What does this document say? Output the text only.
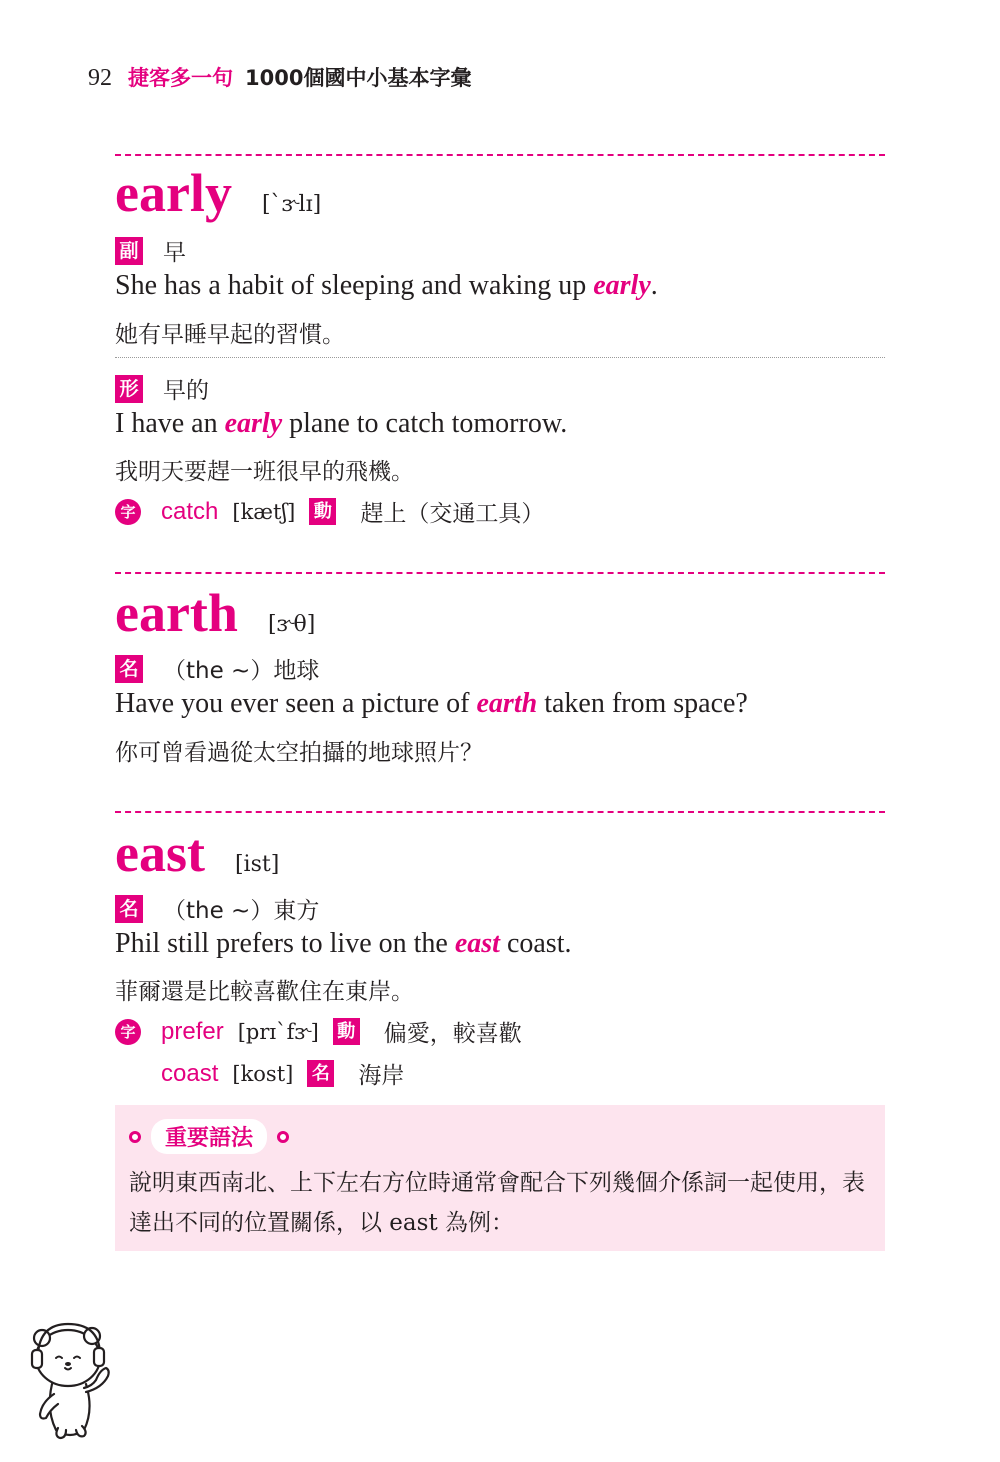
92 捷客多一句 1000個國中小基本字彙
early [`ɝlɪ]
副 早
She has a habit of sleeping and waking up early.
她有早睡早起的習慣。
形 早的
I have an early plane to catch tomorrow.
我明天要趕一班很早的飛機。
字 catch [kætʃ] 動 趕上（交通工具）
earth [ɝθ]
名 （the ~）地球
Have you ever seen a picture of earth taken from space?
你可曾看過從太空拍攝的地球照片？
east [ist]
名 （the ~）東方
Phil still prefers to live on the east coast.
菲爾還是比較喜歡住在東岸。
字 prefer [prɪ`fɝ] 動 偏愛，較喜歡
coast [kost] 名 海岸
重要語法
說明東西南北、上下左右方位時通常會配合下列幾個介係詞一起使用，表達出不同的位置關係，以 east 為例：
